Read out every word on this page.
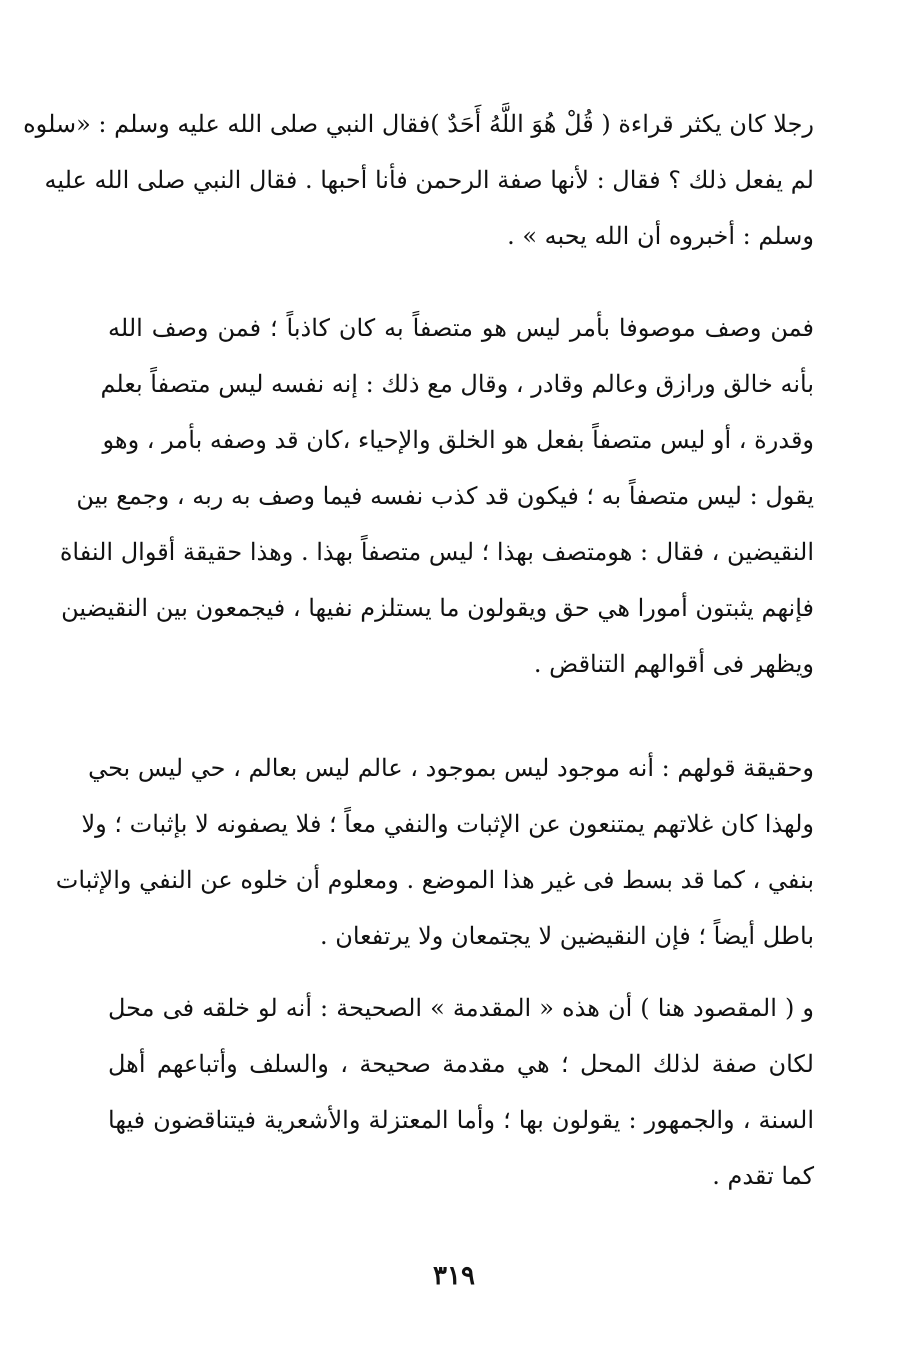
رجلا كان يكثر قراءة ( قُلْ هُوَ اللَّهُ أَحَدٌ )فقال النبي صلى الله عليه وسلم : «سلوه
لم يفعل ذلك ؟ فقال : لأنها صفة الرحمن فأنا أحبها . فقال النبي صلى الله عليه
وسلم : أخبروه أن الله يحبه » .
فمن وصف موصوفا بأمر ليس هو متصفاً به كان كاذباً ؛ فمن وصف الله
بأنه خالق ورازق وعالم وقادر ، وقال مع ذلك : إنه نفسه ليس متصفاً بعلم
وقدرة ، أو ليس متصفاً بفعل هو الخلق والإحياء ،كان قد وصفه بأمر ، وهو
يقول : ليس متصفاً به ؛ فيكون قد كذب نفسه فيما وصف به ربه ، وجمع بين
النقيضين ، فقال : هومتصف بهذا ؛ ليس متصفاً بهذا . وهذا حقيقة أقوال النفاة
فإنهم يثبتون أمورا هي حق ويقولون ما يستلزم نفيها ، فيجمعون بين النقيضين
ويظهر فى أقوالهم التناقض .
وحقيقة قولهم : أنه موجود ليس بموجود ، عالم ليس بعالم ، حي ليس بحي
ولهذا كان غلاتهم يمتنعون عن الإثبات والنفي معاً ؛ فلا يصفونه لا بإثبات ؛ ولا
بنفي ، كما قد بسط فى غير هذا الموضع . ومعلوم أن خلوه عن النفي والإثبات
باطل أيضاً ؛ فإن النقيضين لا يجتمعان ولا يرتفعان .
و ( المقصود هنا ) أن هذه « المقدمة » الصحيحة : أنه لو خلقه فى محل
لكان صفة لذلك المحل ؛ هي مقدمة صحيحة ، والسلف وأتباعهم أهل
السنة ، والجمهور : يقولون بها ؛ وأما المعتزلة والأشعرية فيتناقضون فيها
كما تقدم .
٣١٩
